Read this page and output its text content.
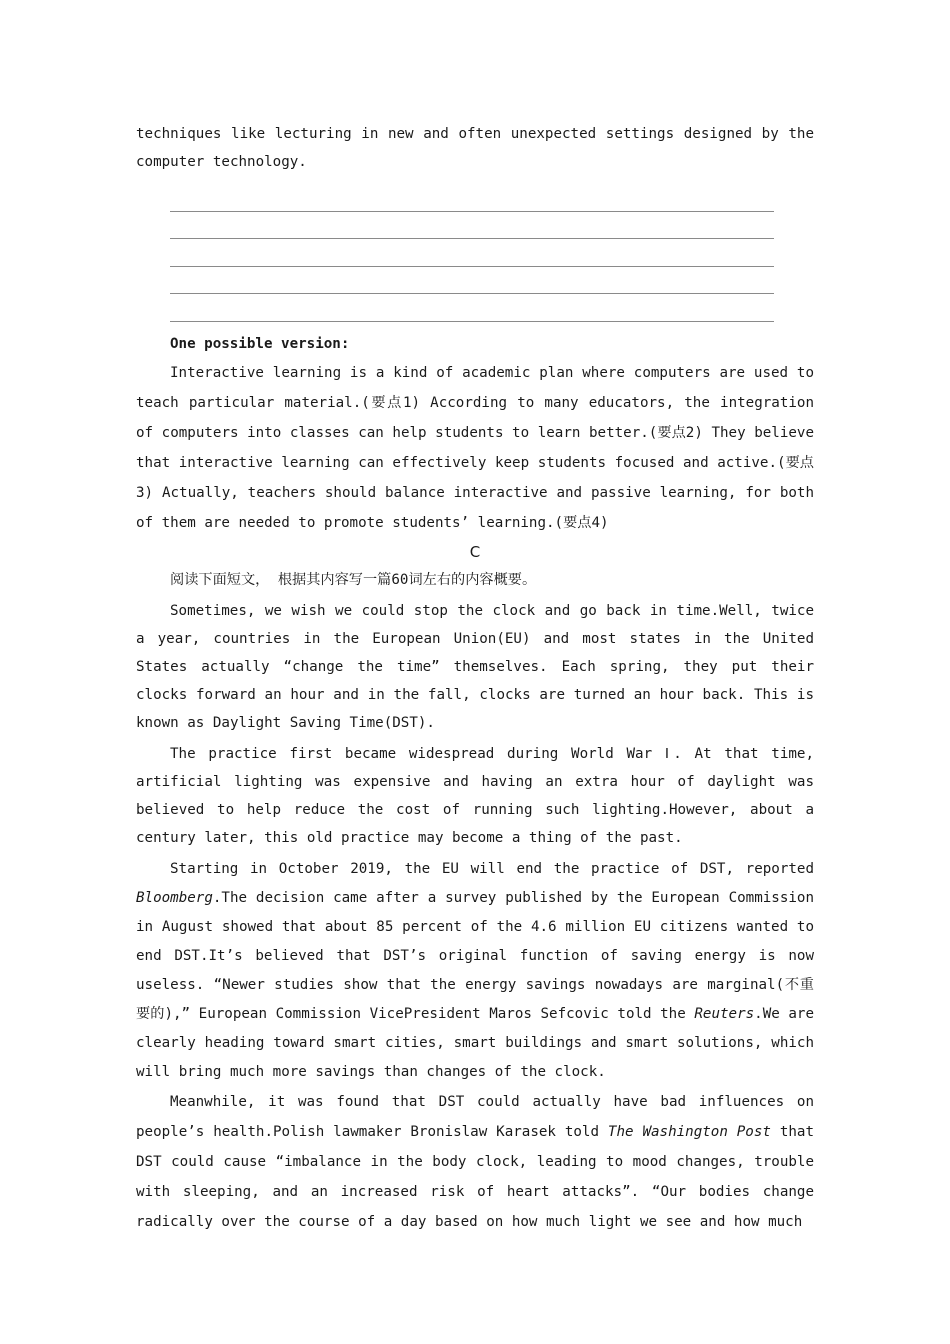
techniques like lecturing in new and often unexpected settings designed by the computer technology.

One possible version:

Interactive learning is a kind of academic plan where computers are used to teach particular material.(要点1) According to many educators, the integration of computers into classes can help students to learn better.(要点2) They believe that interactive learning can effectively keep students focused and active.(要点3) Actually, teachers should balance interactive and passive learning, for both of them are needed to promote students’ learning.(要点4)

C

阅读下面短文， 根据其内容写一篇60词左右的内容概要。

Sometimes, we wish we could stop the clock and go back in time.Well, twice a year, countries in the European Union(EU) and most states in the United States actually “change the time” themselves. Each spring, they put their clocks forward an hour and in the fall, clocks are turned an hour back. This is known as Daylight Saving Time(DST).

The practice first became widespread during World War Ⅰ. At that time, artificial lighting was expensive and having an extra hour of daylight was believed to help reduce the cost of running such lighting.However, about a century later, this old practice may become a thing of the past.

Starting in October 2019, the EU will end the practice of DST, reported Bloomberg.The decision came after a survey published by the European Commission in August showed that about 85 percent of the 4.6 million EU citizens wanted to end DST.It’s believed that DST’s original function of saving energy is now useless. “Newer studies show that the energy savings nowadays are marginal(不重要的),” European Commission VicePresident Maros Sefcovic told the Reuters.We are clearly heading toward smart cities, smart buildings and smart solutions, which will bring much more savings than changes of the clock.

Meanwhile, it was found that DST could actually have bad influences on people’s health.Polish lawmaker Bronislaw Karasek told The Washington Post that DST could cause “imbalance in the body clock, leading to mood changes, trouble with sleeping, and an increased risk of heart attacks”. “Our bodies change radically over the course of a day based on how much light we see and how much
